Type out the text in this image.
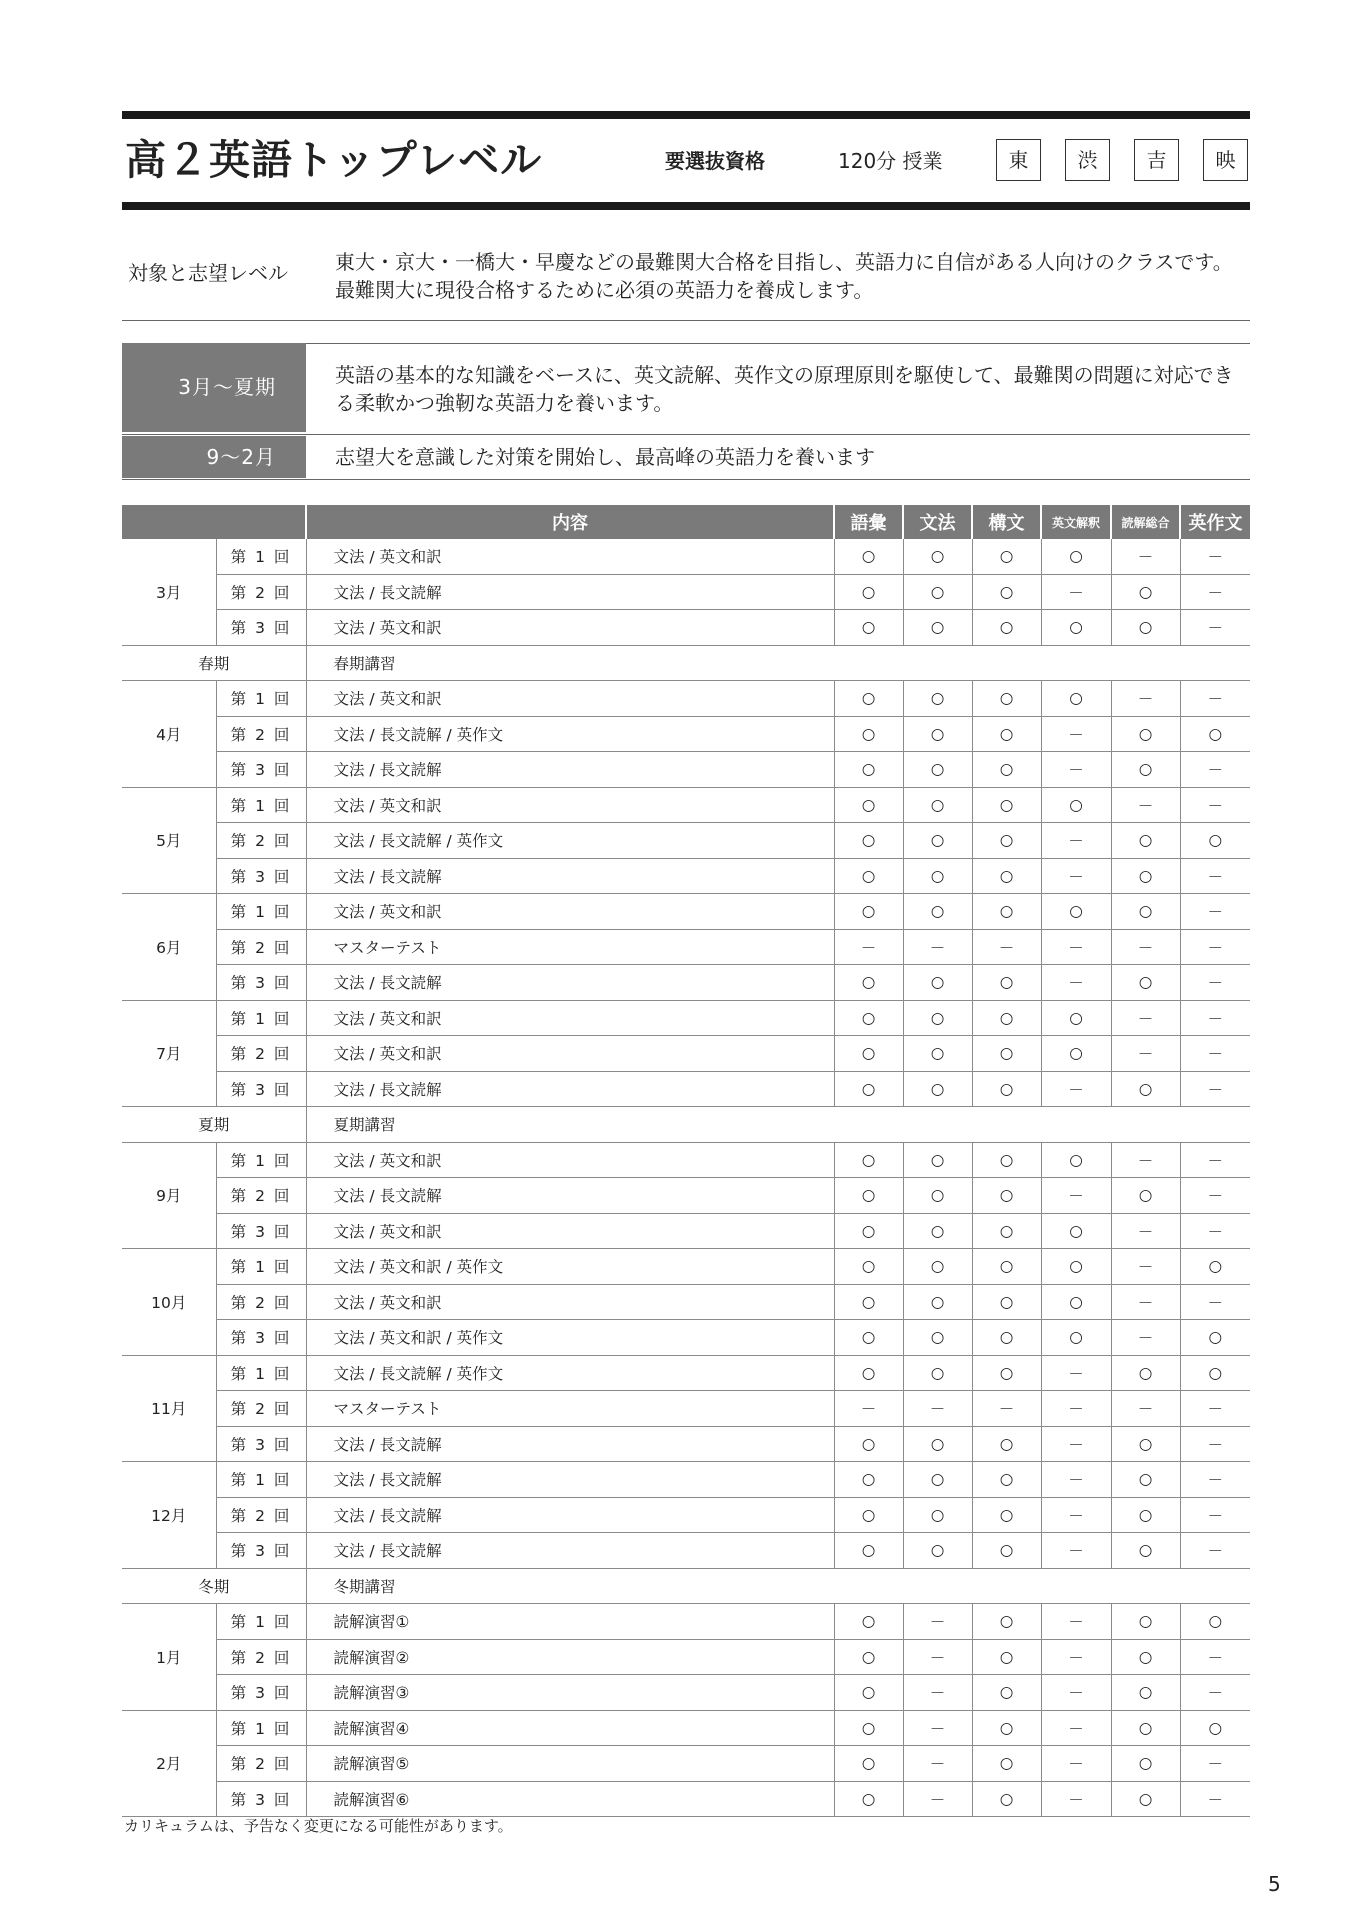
高２英語トップレベル	要選抜資格	120分 授業	東	渋	吉	映
対象と志望レベル	東大・京大・一橋大・早慶などの最難関大合格を目指し、英語力に自信がある人向けのクラスです。最難関大に現役合格するために必須の英語力を養成します。
3月～夏期	英語の基本的な知識をベースに、英文読解、英作文の原理原則を駆使して、最難関の問題に対応できる柔軟かつ強靭な英語力を養います。
9～2月	志望大を意識した対策を開始し、最高峰の英語力を養います
		内容	語彙	文法	構文	英文解釈	読解総合	英作文
3月	第 1 回	文法 / 英文和訳	○	○	○	○	－	－
	第 2 回	文法 / 長文読解	○	○	○	－	○	－
	第 3 回	文法 / 英文和訳	○	○	○	○	○	－
春期		春期講習						
4月	第 1 回	文法 / 英文和訳	○	○	○	○	－	－
	第 2 回	文法 / 長文読解 / 英作文	○	○	○	－	○	○
	第 3 回	文法 / 長文読解	○	○	○	－	○	－
5月	第 1 回	文法 / 英文和訳	○	○	○	○	－	－
	第 2 回	文法 / 長文読解 / 英作文	○	○	○	－	○	○
	第 3 回	文法 / 長文読解	○	○	○	－	○	－
6月	第 1 回	文法 / 英文和訳	○	○	○	○	○	－
	第 2 回	マスターテスト	－	－	－	－	－	－
	第 3 回	文法 / 長文読解	○	○	○	－	○	－
7月	第 1 回	文法 / 英文和訳	○	○	○	○	－	－
	第 2 回	文法 / 英文和訳	○	○	○	○	－	－
	第 3 回	文法 / 長文読解	○	○	○	－	○	－
夏期		夏期講習						
9月	第 1 回	文法 / 英文和訳	○	○	○	○	－	－
	第 2 回	文法 / 長文読解	○	○	○	－	○	－
	第 3 回	文法 / 英文和訳	○	○	○	○	－	－
10月	第 1 回	文法 / 英文和訳 / 英作文	○	○	○	○	－	○
	第 2 回	文法 / 英文和訳	○	○	○	○	－	－
	第 3 回	文法 / 英文和訳 / 英作文	○	○	○	○	－	○
11月	第 1 回	文法 / 長文読解 / 英作文	○	○	○	－	○	○
	第 2 回	マスターテスト	－	－	－	－	－	－
	第 3 回	文法 / 長文読解	○	○	○	－	○	－
12月	第 1 回	文法 / 長文読解	○	○	○	－	○	－
	第 2 回	文法 / 長文読解	○	○	○	－	○	－
	第 3 回	文法 / 長文読解	○	○	○	－	○	－
冬期		冬期講習						
1月	第 1 回	読解演習①	○	－	○	－	○	○
	第 2 回	読解演習②	○	－	○	－	○	－
	第 3 回	読解演習③	○	－	○	－	○	－
2月	第 1 回	読解演習④	○	－	○	－	○	○
	第 2 回	読解演習⑤	○	－	○	－	○	－
	第 3 回	読解演習⑥	○	－	○	－	○	－
カリキュラムは、予告なく変更になる可能性があります。
5
